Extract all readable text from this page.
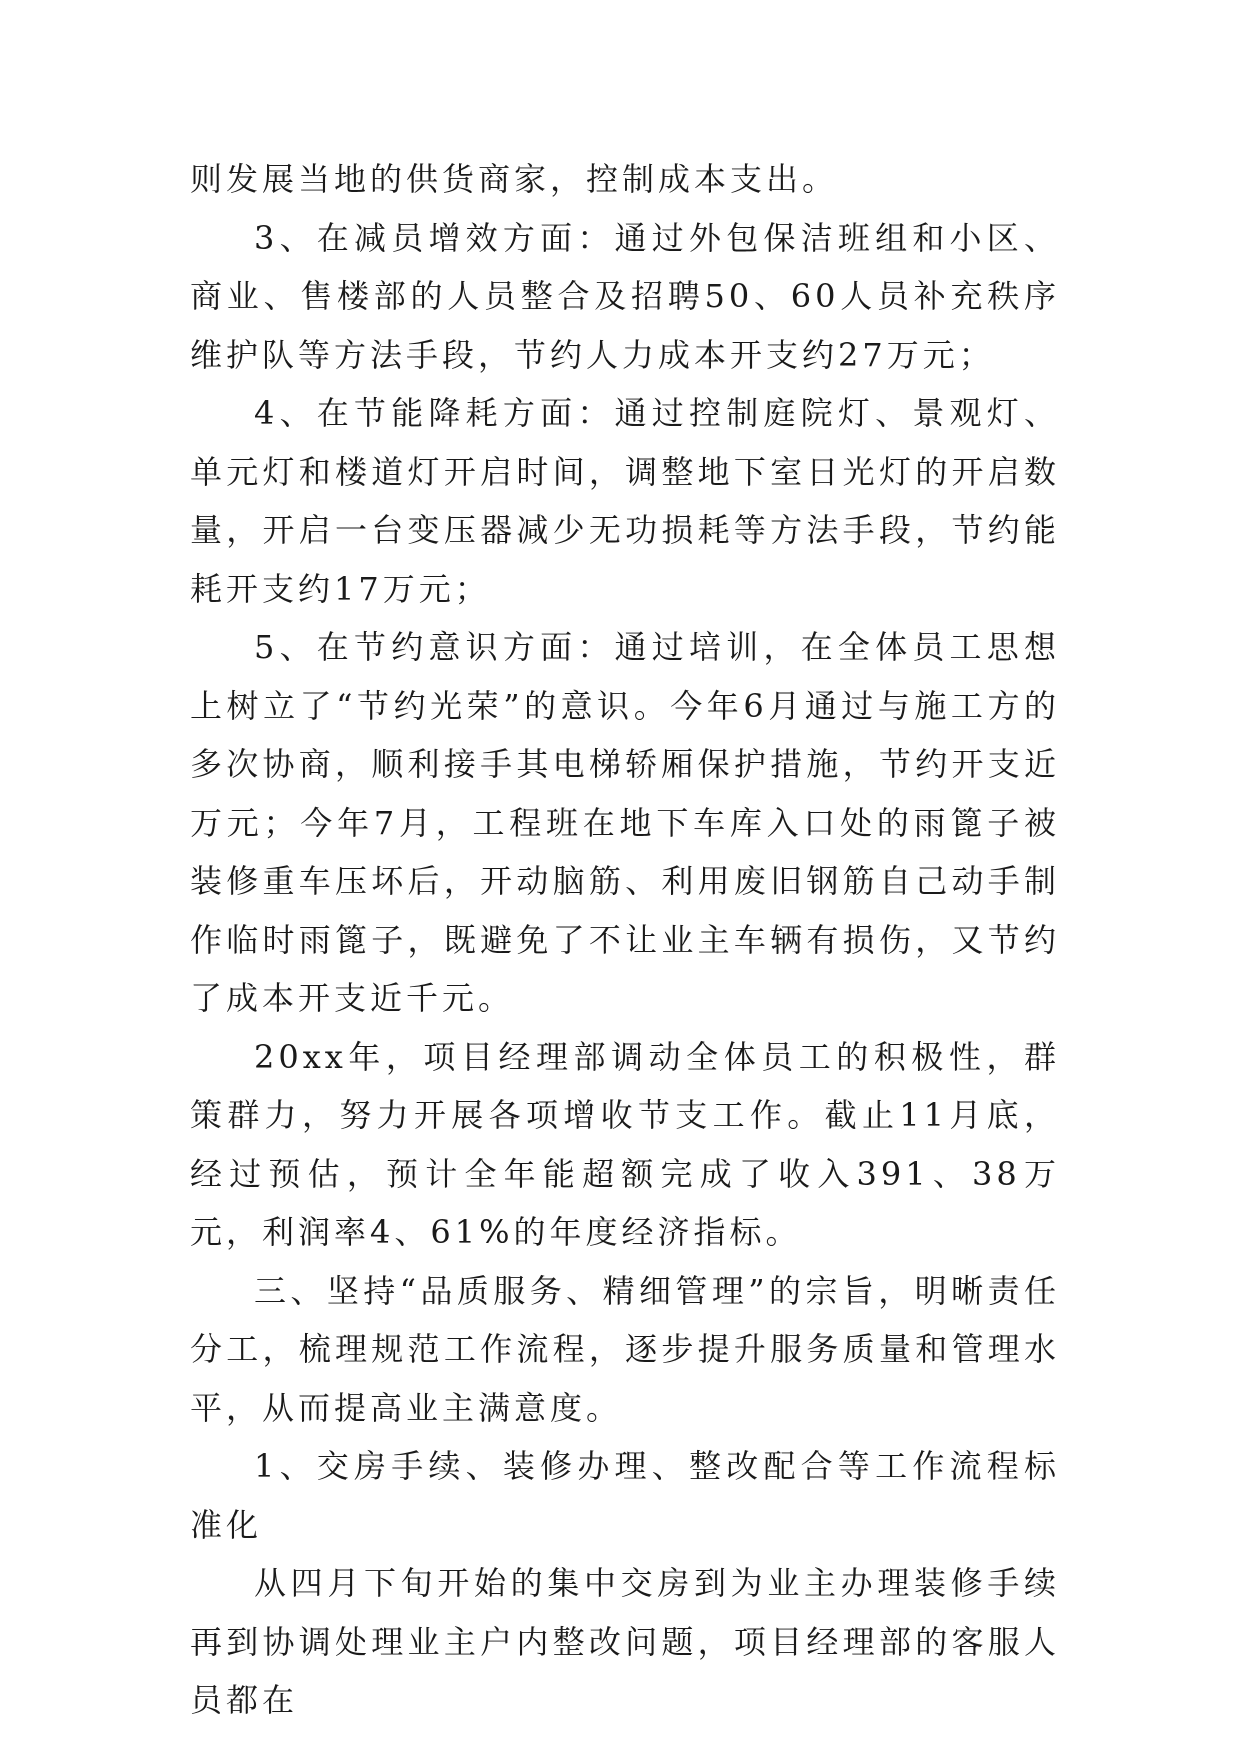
则发展当地的供货商家，控制成本支出。

3、在减员增效方面：通过外包保洁班组和小区、商业、售楼部的人员整合及招聘50、60人员补充秩序维护队等方法手段，节约人力成本开支约27万元；

4、在节能降耗方面：通过控制庭院灯、景观灯、单元灯和楼道灯开启时间，调整地下室日光灯的开启数量，开启一台变压器减少无功损耗等方法手段，节约能耗开支约17万元；

5、在节约意识方面：通过培训，在全体员工思想上树立了“节约光荣”的意识。今年6月通过与施工方的多次协商，顺利接手其电梯轿厢保护措施，节约开支近万元；今年7月，工程班在地下车库入口处的雨篦子被装修重车压坏后，开动脑筋、利用废旧钢筋自己动手制作临时雨篦子，既避免了不让业主车辆有损伤，又节约了成本开支近千元。

20xx年，项目经理部调动全体员工的积极性，群策群力，努力开展各项增收节支工作。截止11月底，经过预估，预计全年能超额完成了收入391、38万元，利润率4、61%的年度经济指标。

三、坚持“品质服务、精细管理”的宗旨，明晰责任分工，梳理规范工作流程，逐步提升服务质量和管理水平，从而提高业主满意度。

1、交房手续、装修办理、整改配合等工作流程标准化

从四月下旬开始的集中交房到为业主办理装修手续再到协调处理业主户内整改问题，项目经理部的客服人员都在
